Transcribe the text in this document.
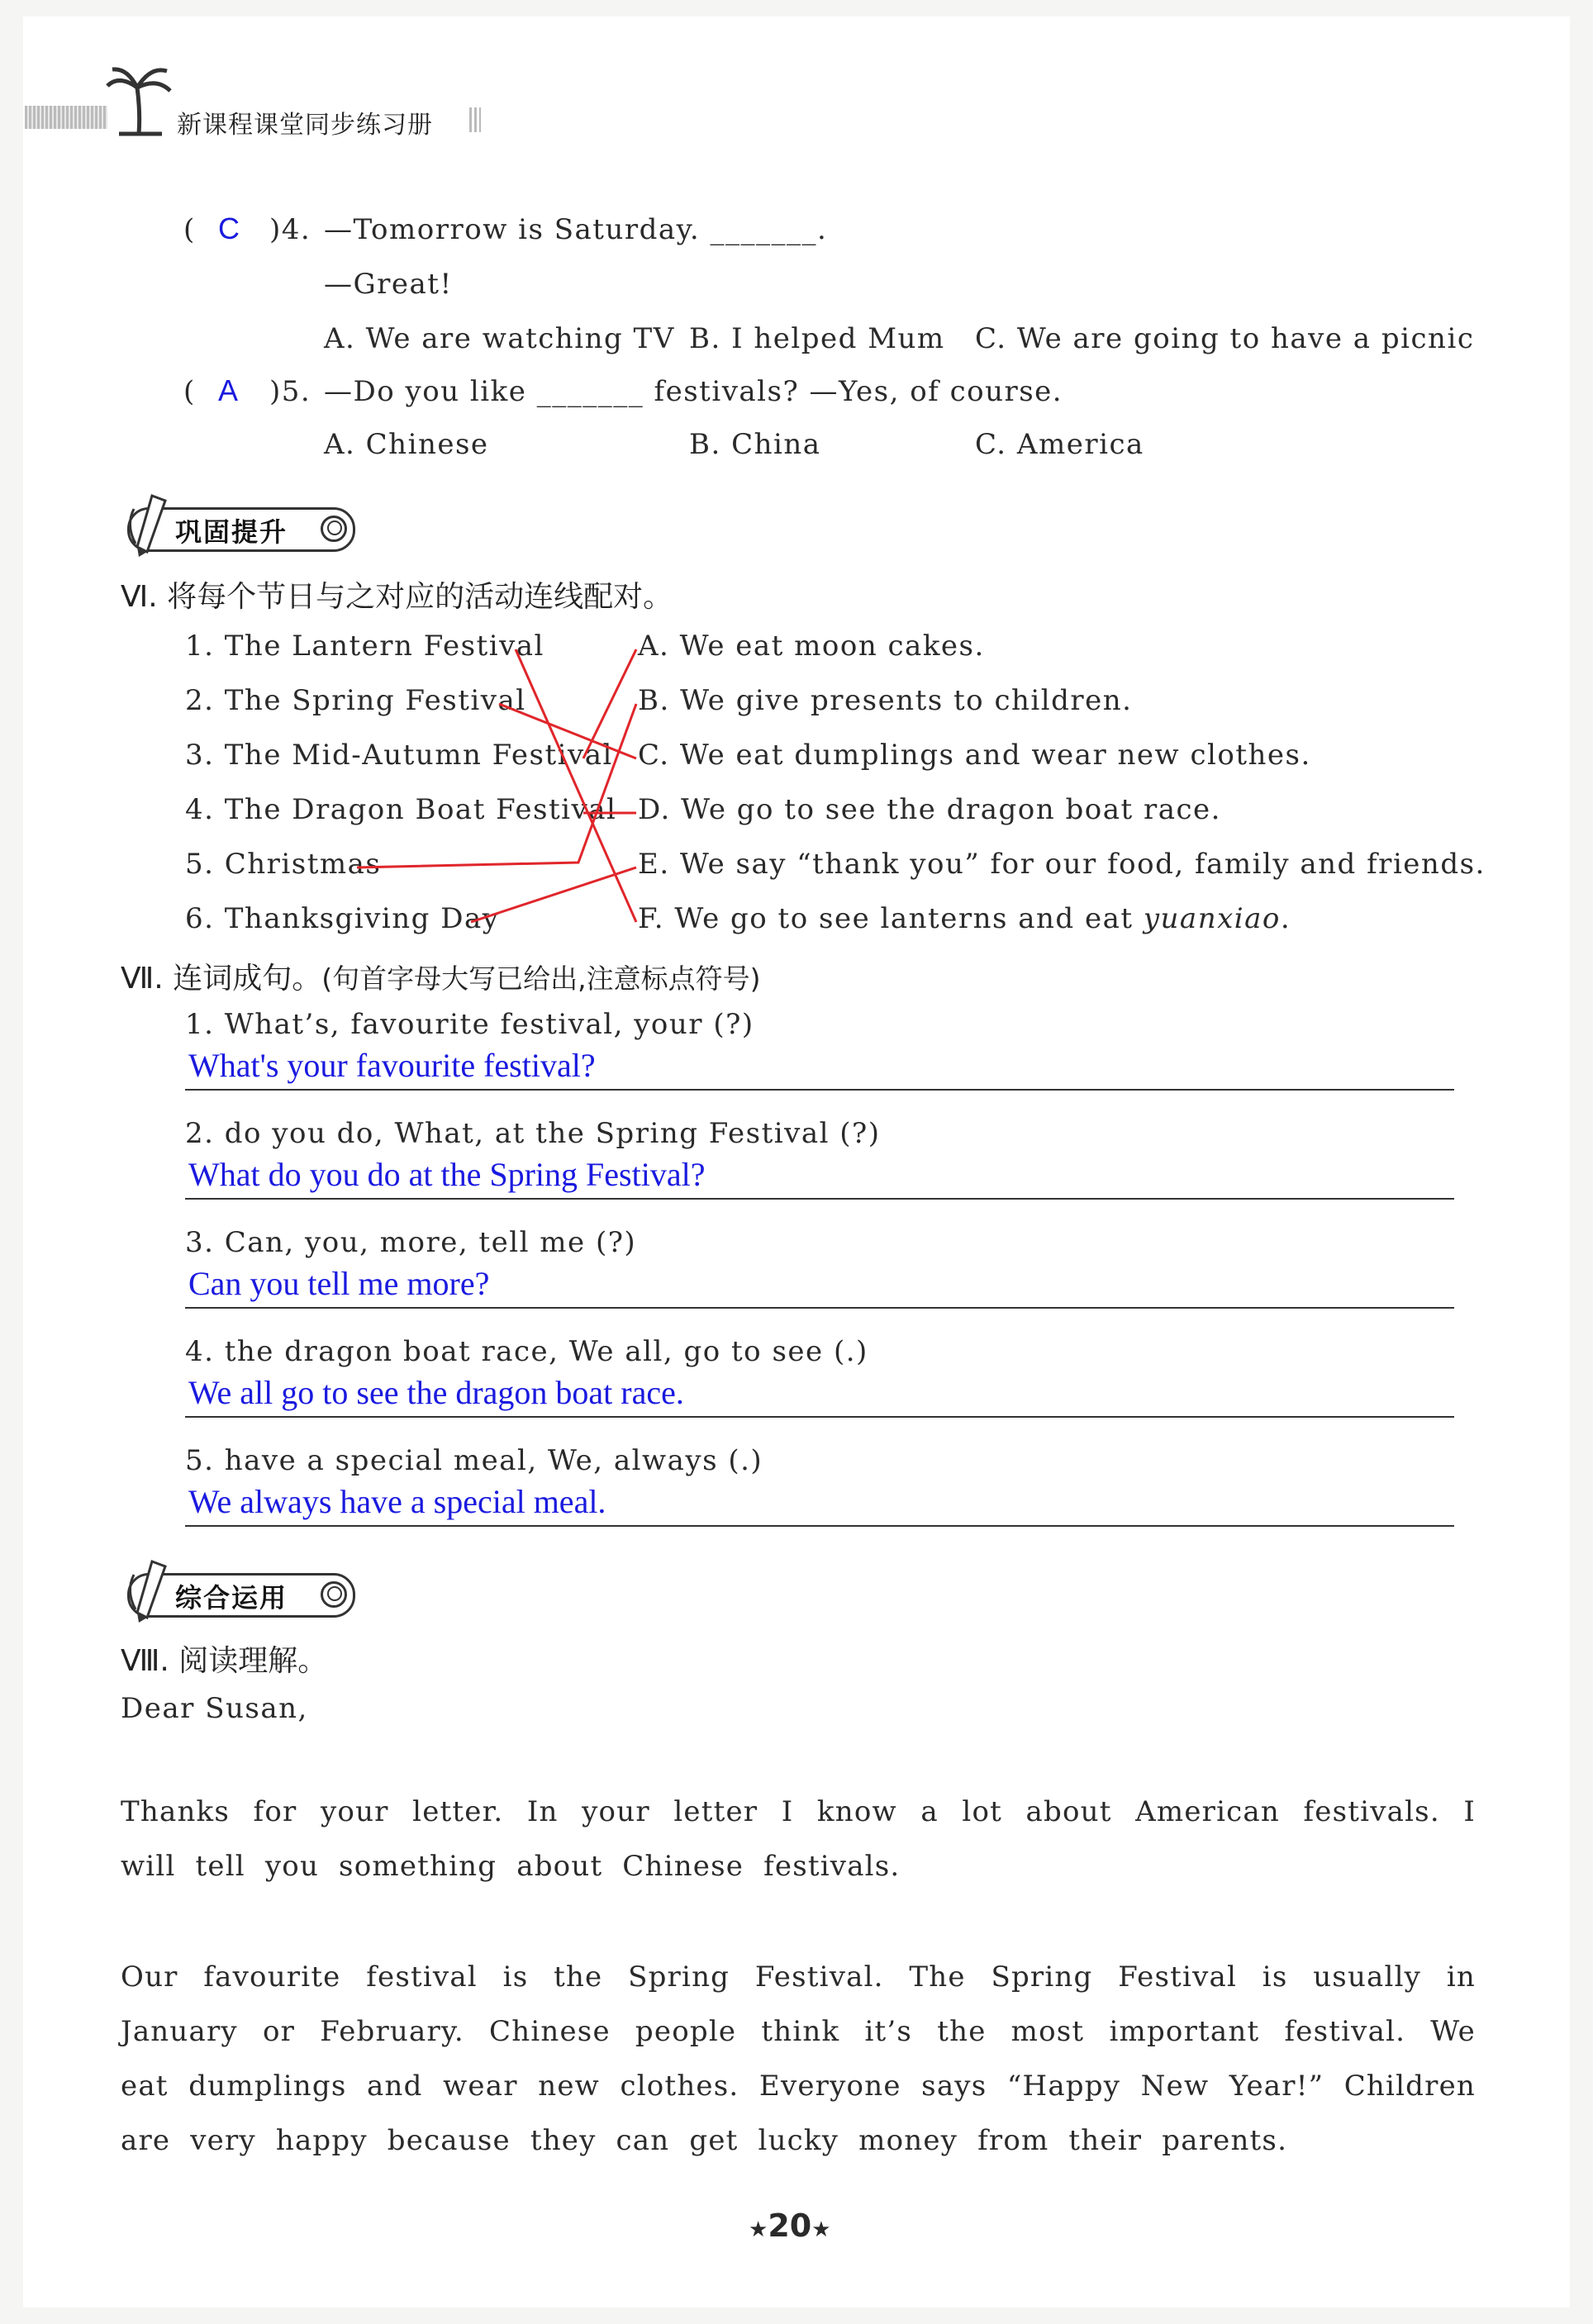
新课程课堂同步练习册
( C )4. —Tomorrow is Saturday. _______.
—Great!
A. We are watching TV B. I helped Mum C. We are going to have a picnic
( A )5. —Do you like _______ festivals? —Yes, of course.
A. Chinese	B. China	C. America
巩固提升
Ⅵ. 将每个节日与之对应的活动连线配对。
1. The Lantern Festival
2. The Spring Festival
3. The Mid-Autumn Festival
4. The Dragon Boat Festival
5. Christmas
6. Thanksgiving Day
A. We eat moon cakes.
B. We give presents to children.
C. We eat dumplings and wear new clothes.
D. We go to see the dragon boat race.
E. We say “thank you” for our food, family and friends.
F. We go to see lanterns and eat yuanxiao.
Ⅶ. 连词成句。(句首字母大写已给出,注意标点符号)
1. What’s, favourite festival, your (?)
What's your favourite festival?
2. do you do, What, at the Spring Festival (?)
What do you do at the Spring Festival?
3. Can, you, more, tell me (?)
Can you tell me more?
4. the dragon boat race, We all, go to see (.)
We all go to see the dragon boat race.
5. have a special meal, We, always (.)
We always have a special meal.
综合运用
Ⅷ. 阅读理解。
Dear Susan,
Thanks for your letter. In your letter I know a lot about American festivals. I will tell you something about Chinese festivals.
Our favourite festival is the Spring Festival. The Spring Festival is usually in January or February. Chinese people think it’s the most important festival. We eat dumplings and wear new clothes. Everyone says “Happy New Year!” Children are very happy because they can get lucky money from their parents.
★20★
